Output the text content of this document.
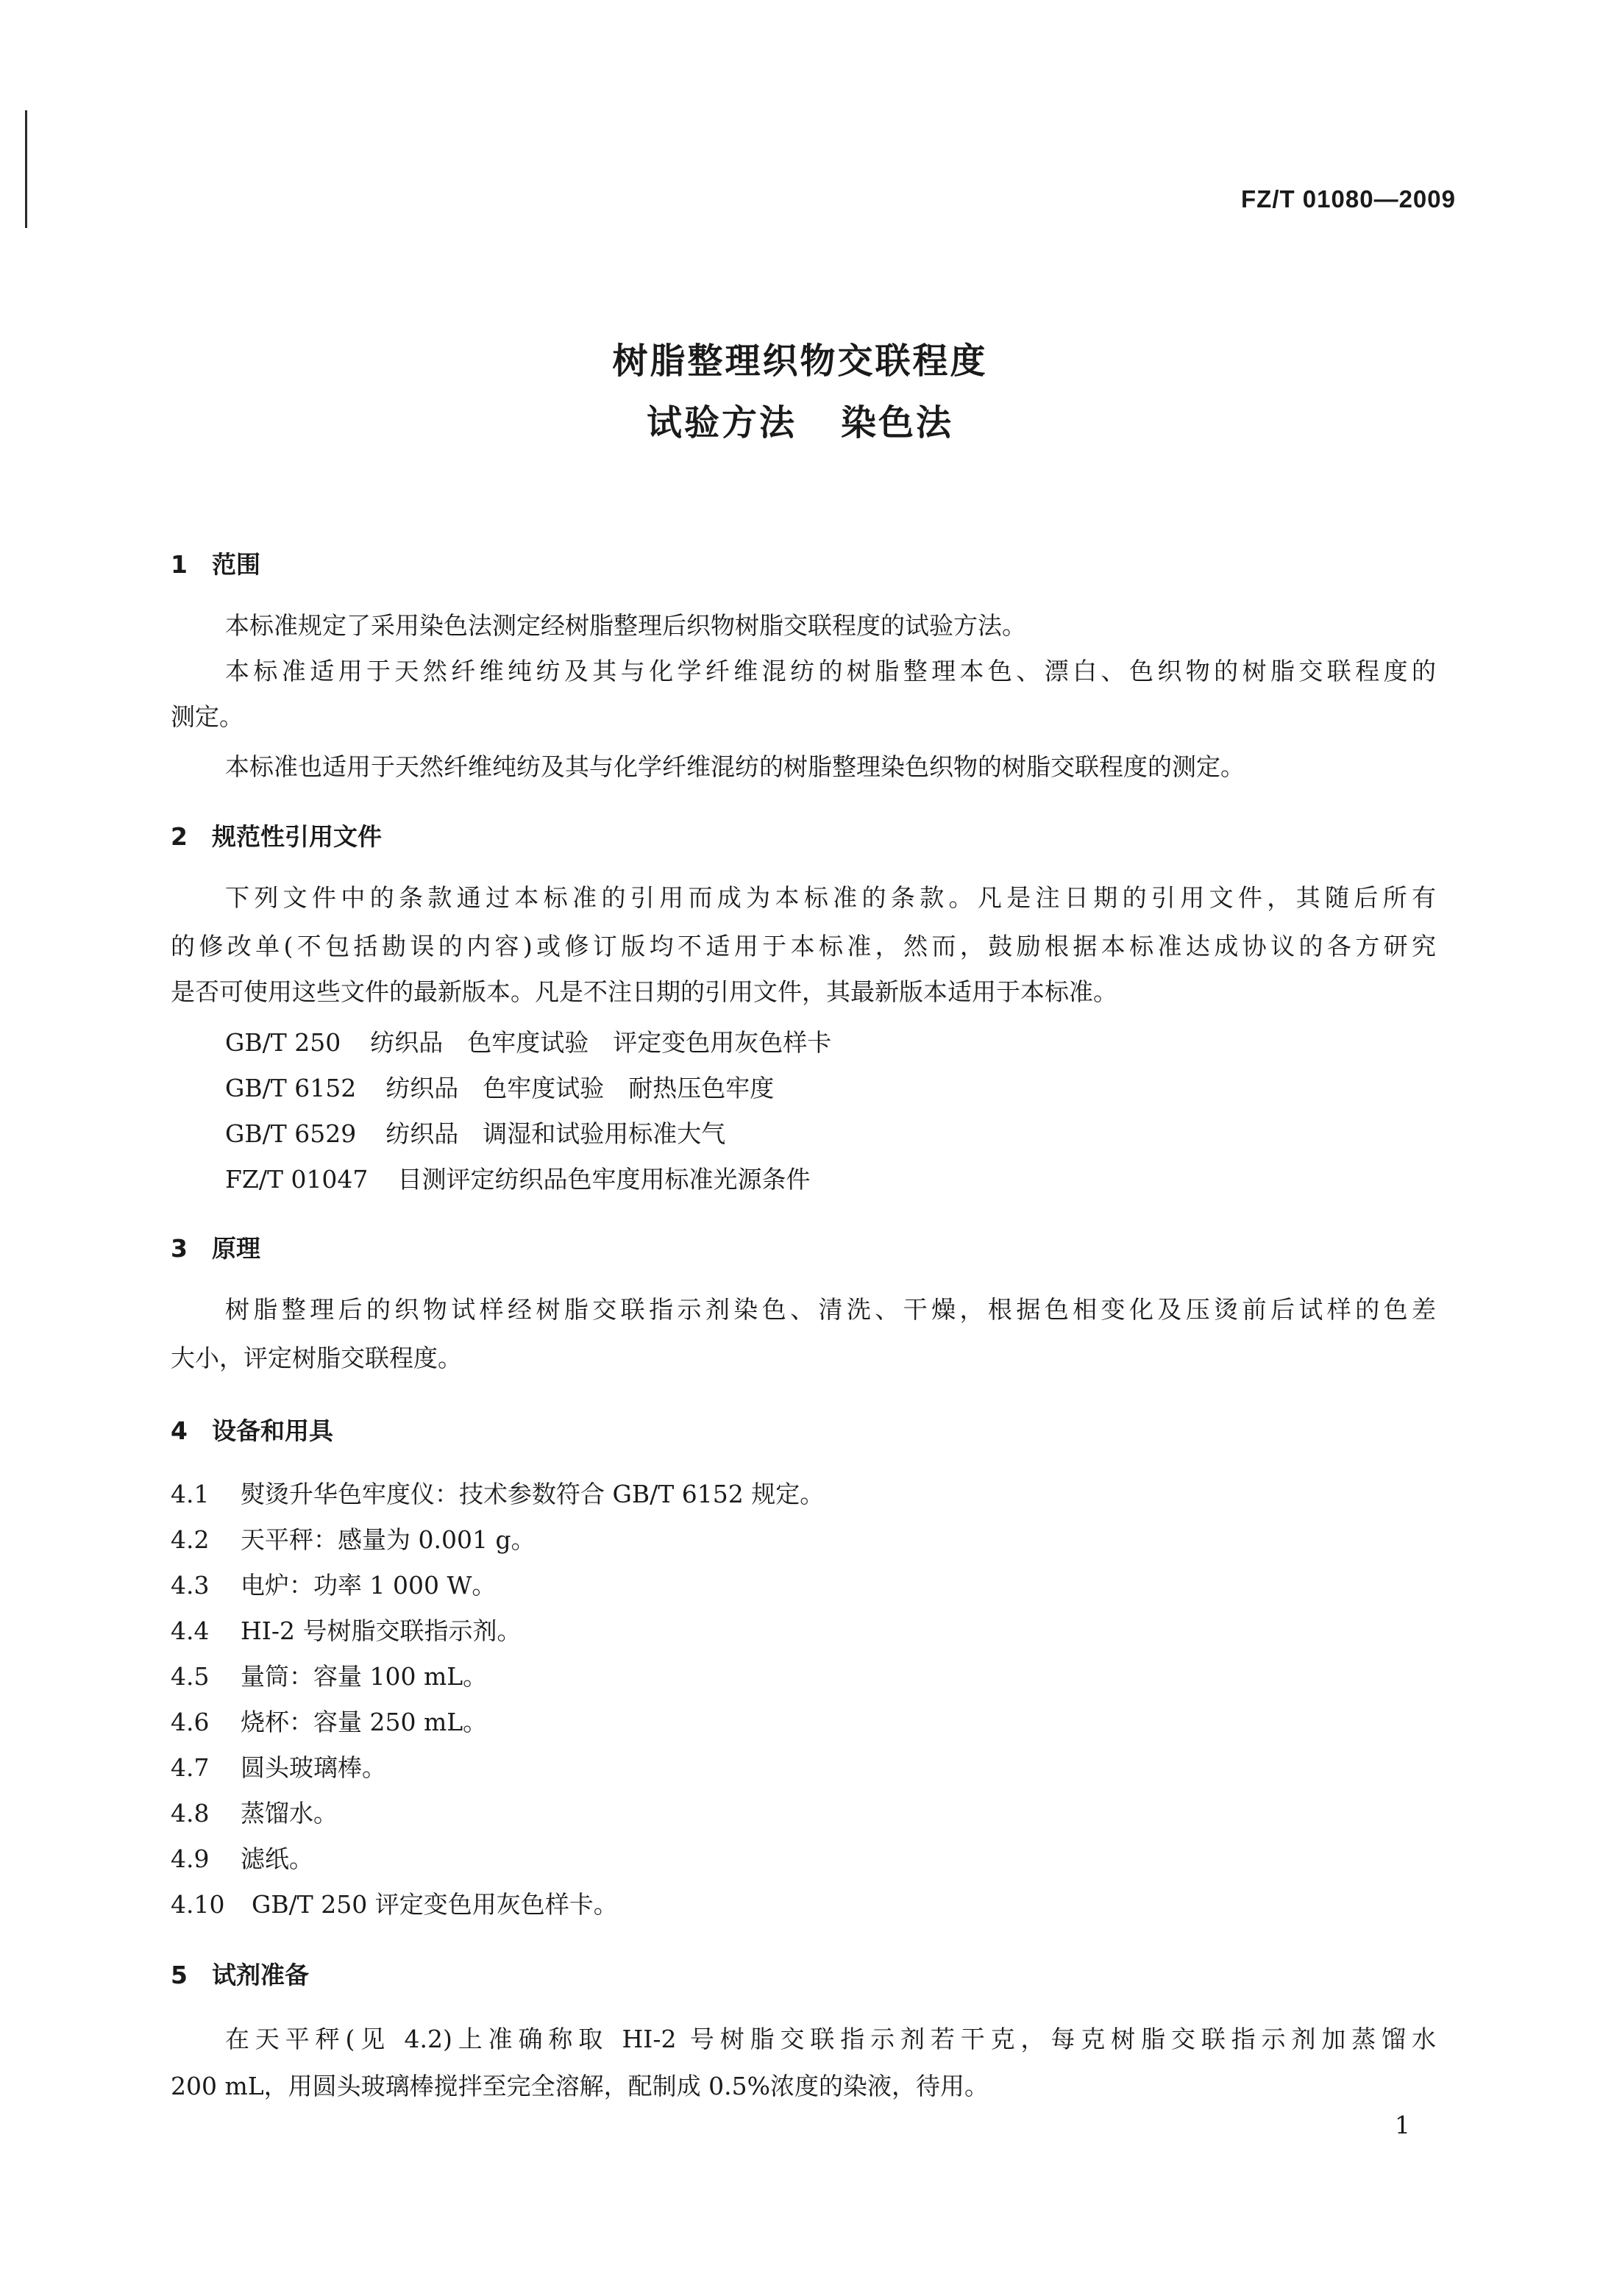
FZ/T 01080—2009
树脂整理织物交联程度
试验方法 染色法
1 范围
本标准规定了采用染色法测定经树脂整理后织物树脂交联程度的试验方法。
本标准适用于天然纤维纯纺及其与化学纤维混纺的树脂整理本色、漂白、色织物的树脂交联程度的
测定。
本标准也适用于天然纤维纯纺及其与化学纤维混纺的树脂整理染色织物的树脂交联程度的测定。
2 规范性引用文件
下列文件中的条款通过本标准的引用而成为本标准的条款。凡是注日期的引用文件，其随后所有
的修改单(不包括勘误的内容)或修订版均不适用于本标准，然而，鼓励根据本标准达成协议的各方研究
是否可使用这些文件的最新版本。凡是不注日期的引用文件，其最新版本适用于本标准。
GB/T 250 纺织品　色牢度试验　评定变色用灰色样卡
GB/T 6152 纺织品　色牢度试验　耐热压色牢度
GB/T 6529 纺织品　调湿和试验用标准大气
FZ/T 01047 目测评定纺织品色牢度用标准光源条件
3 原理
树脂整理后的织物试样经树脂交联指示剂染色、清洗、干燥，根据色相变化及压烫前后试样的色差
大小，评定树脂交联程度。
4 设备和用具
4.1 熨烫升华色牢度仪：技术参数符合 GB/T 6152 规定。
4.2 天平秤：感量为 0.001 g。
4.3 电炉：功率 1 000 W。
4.4 HI-2 号树脂交联指示剂。
4.5 量筒：容量 100 mL。
4.6 烧杯：容量 250 mL。
4.7 圆头玻璃棒。
4.8 蒸馏水。
4.9 滤纸。
4.10 GB/T 250 评定变色用灰色样卡。
5 试剂准备
在天平秤(见 4.2)上准确称取 HI-2 号树脂交联指示剂若干克，每克树脂交联指示剂加蒸馏水
200 mL，用圆头玻璃棒搅拌至完全溶解，配制成 0.5%浓度的染液，待用。
1
